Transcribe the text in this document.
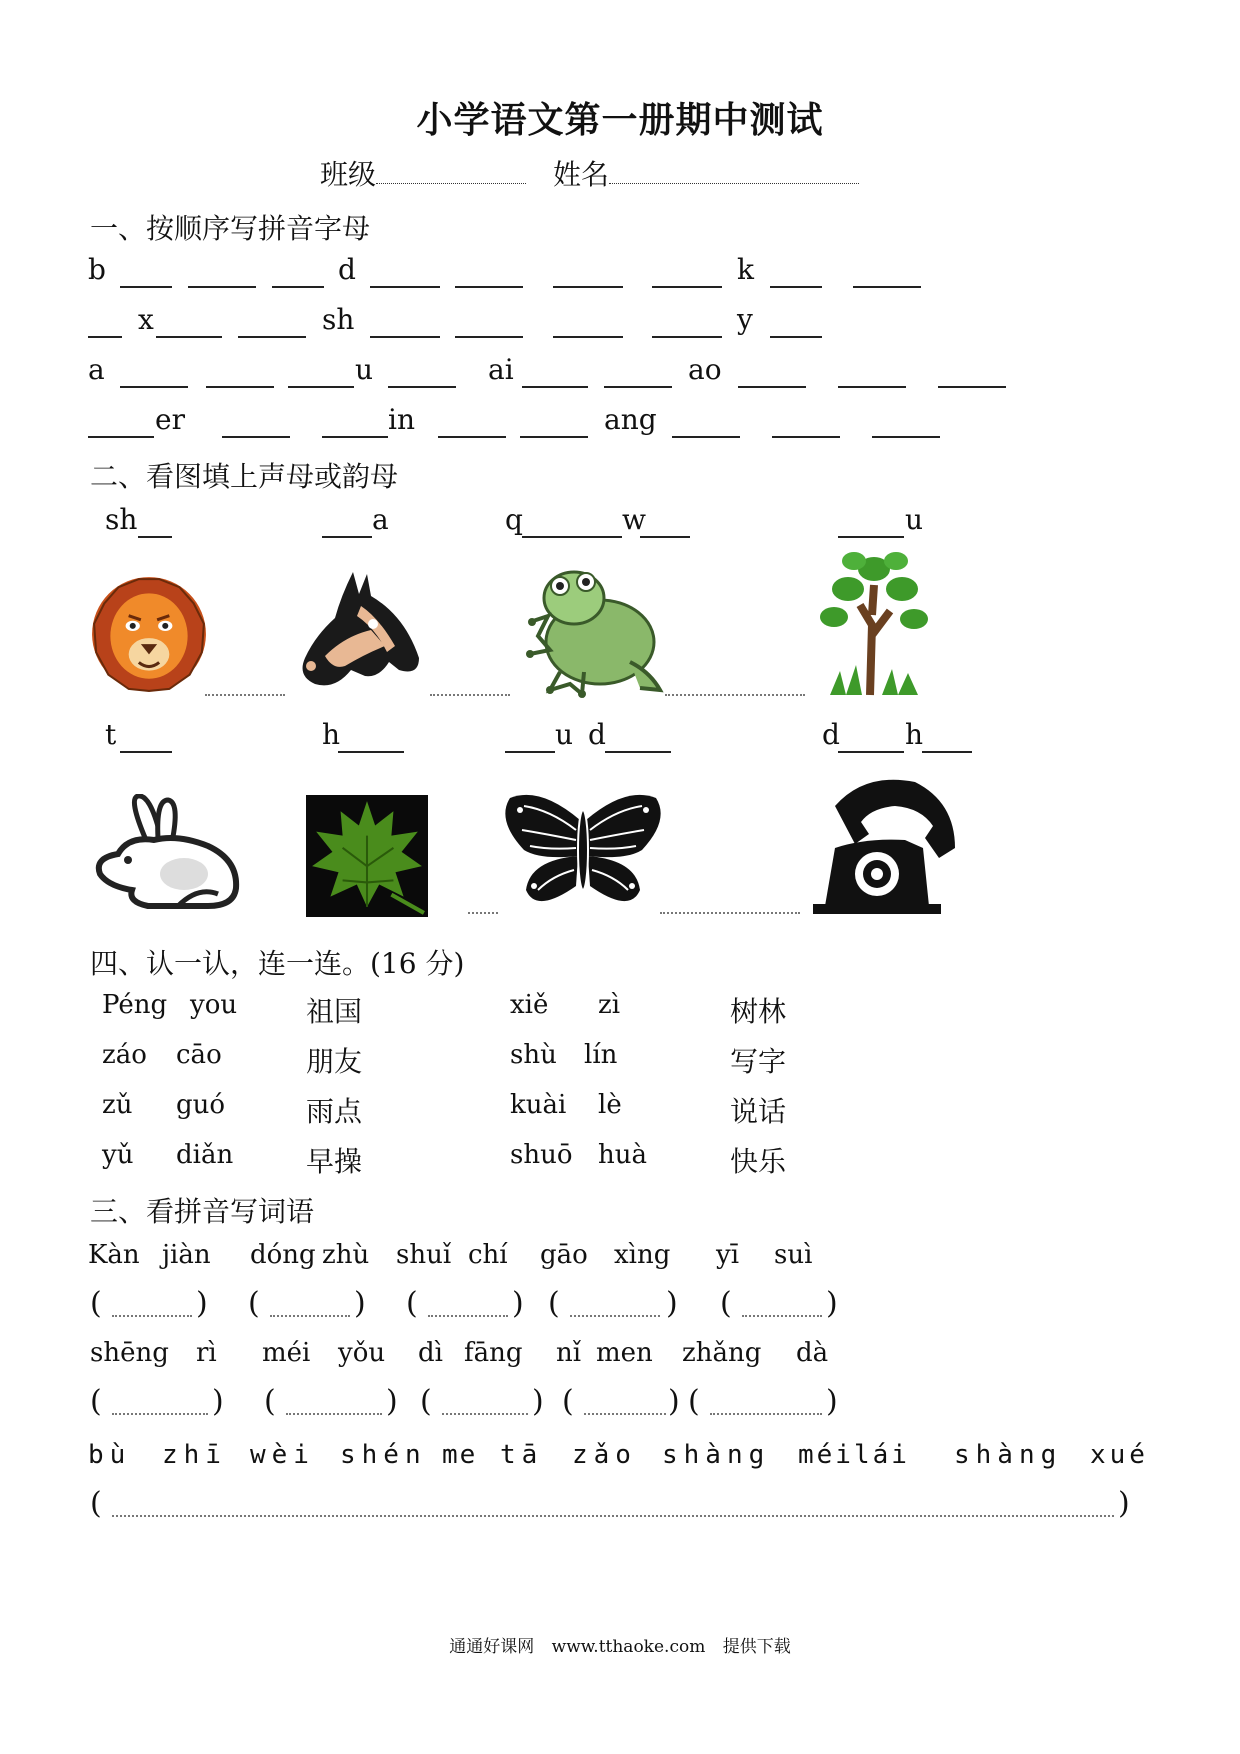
小学语文第一册期中测试
班级	姓名
一、按顺序写拼音字母
b	d	k
x	sh	y
a	u	ai	ao
er	in	ang
二、看图填上声母或韵母
sh	a	q	w	u
t	h	u d	d h
四、认一认，连一连。(16 分)
Péng you 祖国	xiě zì	树林
záo cāo	朋友	shù lín	写字
zǔ guó	雨点	kuài lè	说话
yǔ diǎn	早操	shuō huà	快乐
三、看拼音写词语
Kàn jiàn dóng zhù shuǐ chí gāo xìng yī suì
(	) (	) (	) (	) (	)
shēng rì méi yǒu dì fāng nǐ men zhǎng dà
(	) (	) (	) (	) (	)
bù zhī wèi shén me tā zǎo shàng méilái shàng xué
(	)
通通好课网 www.tthaoke.com 提供下载
